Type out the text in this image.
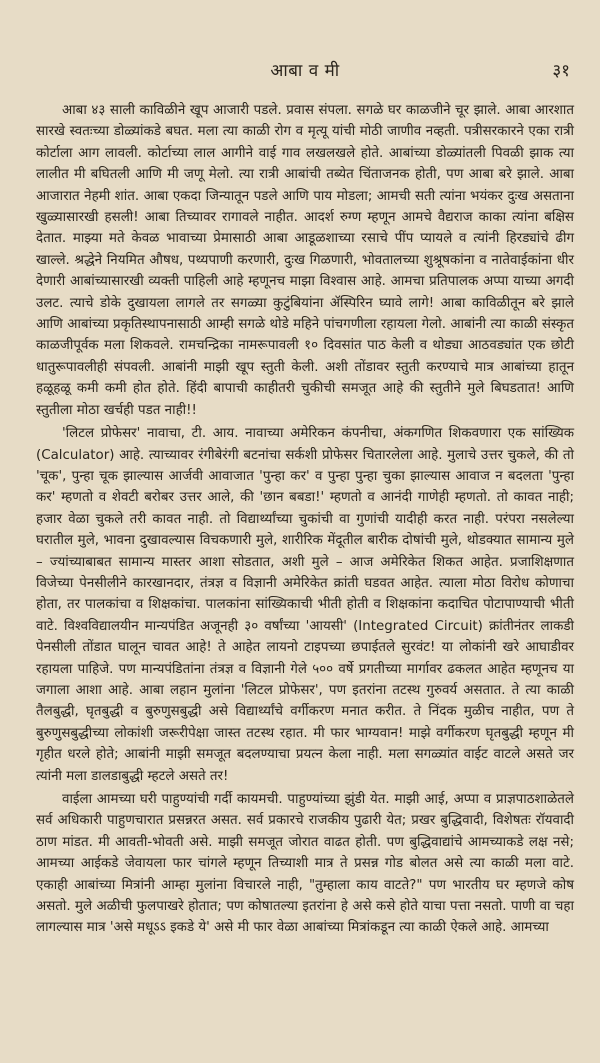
आबा व मी	३१

आबा ४३ साली काविळीने खूप आजारी पडले. प्रवास संपला. सगळे घर काळजीने चूर झाले. आबा आरशात सारखे स्वतःच्या डोळ्यांकडे बघत. मला त्या काळी रोग व मृत्यू यांची मोठी जाणीव नव्हती. पत्रीसरकारने एका रात्री कोर्टाला आग लावली. कोर्टाच्या लाल आगीने वाई गाव लखलखले होते. आबांच्या डोळ्यांतली पिवळी झाक त्या लालीत मी बघितली आणि मी जणू मेलो. त्या रात्री आबांची तब्येत चिंताजनक होती, पण आबा बरे झाले. आबा आजारात नेहमी शांत. आबा एकदा जिन्यातून पडले आणि पाय मोडला; आमची सती त्यांना भयंकर दुःख असताना खुळ्यासारखी हसली! आबा तिच्यावर रागावले नाहीत. आदर्श रुग्ण म्हणून आमचे वैद्यराज काका त्यांना बक्षिस देतात. माझ्या मते केवळ भावाच्या प्रेमासाठी आबा आडूळशाच्या रसाचे पींप प्यायले व त्यांनी हिरड्यांचे ढीग खाल्ले. श्रद्धेने नियमित औषध, पथ्यपाणी करणारी, दुःख गिळणारी, भोवतालच्या शुश्रूषकांना व नातेवाईकांना धीर देणारी आबांच्यासारखी व्यक्ती पाहिली आहे म्हणूनच माझा विश्वास आहे. आमचा प्रतिपालक अप्पा याच्या अगदी उलट. त्याचे डोके दुखायला लागले तर सगळ्या कुटुंबियांना ॲस्पिरिन घ्यावे लागे! आबा काविळीतून बरे झाले आणि आबांच्या प्रकृतिस्थापनासाठी आम्ही सगळे थोडे महिने पांचगणीला रहायला गेलो. आबांनी त्या काळी संस्कृत काळजीपूर्वक मला शिकवले. रामचन्द्रिका नामरूपावली १० दिवसांत पाठ केली व थोड्या आठवड्यांत एक छोटी धातुरूपावलीही संपवली. आबांनी माझी खूप स्तुती केली. अशी तोंडावर स्तुती करण्याचे मात्र आबांच्या हातून हळूहळू कमी कमी होत होते. हिंदी बापाची काहीतरी चुकीची समजूत आहे की स्तुतीने मुले बिघडतात! आणि स्तुतीला मोठा खर्चही पडत नाही!!

'लिटल प्रोफेसर' नावाचा, टी. आय. नावाच्या अमेरिकन कंपनीचा, अंकगणित शिकवणारा एक सांख्यिक (Calculator) आहे. त्याच्यावर रंगीबेरंगी बटनांचा सर्कशी प्रोफेसर चितारलेला आहे. मुलाचे उत्तर चुकले, की तो 'चूक', पुन्हा चूक झाल्यास आर्जवी आवाजात 'पुन्हा कर' व पुन्हा पुन्हा चुका झाल्यास आवाज न बदलता 'पुन्हा कर' म्हणतो व शेवटी बरोबर उत्तर आले, की 'छान बबडा!' म्हणतो व आनंदी गाणेही म्हणतो. तो कावत नाही; हजार वेळा चुकले तरी कावत नाही. तो विद्यार्थ्यांच्या चुकांची वा गुणांची यादीही करत नाही. परंपरा नसलेल्या घरातील मुले, भावना दुखावल्यास विचकणारी मुले, शारीरिक मेंदूतील बारीक दोषांची मुले, थोडक्यात सामान्य मुले – ज्यांच्याबाबत सामान्य मास्तर आशा सोडतात, अशी मुले – आज अमेरिकेत शिकत आहेत. प्रजाशिक्षणात विजेच्या पेनसीलीने कारखानदार, तंत्रज्ञ व विज्ञानी अमेरिकेत क्रांती घडवत आहेत. त्याला मोठा विरोध कोणाचा होता, तर पालकांचा व शिक्षकांचा. पालकांना सांख्यिकाची भीती होती व शिक्षकांना कदाचित पोटापाण्याची भीती वाटे. विश्वविद्यालयीन मान्यपंडित अजूनही ३० वर्षांच्या 'आयसी' (Integrated Circuit) क्रांतीनंतर लाकडी पेनसीली तोंडात घालून चावत आहे! ते आहेत लायनो टाइपच्या छपाईतले सुरवंट! या लोकांनी खरे आघाडीवर रहायला पाहिजे. पण मान्यपंडितांना तंत्रज्ञ व विज्ञानी गेले ५०० वर्षे प्रगतीच्या मार्गावर ढकलत आहेत म्हणूनच या जगाला आशा आहे. आबा लहान मुलांना 'लिटल प्रोफेसर', पण इतरांना तटस्थ गुरुवर्य असतात. ते त्या काळी तैलबुद्धी, घृतबुद्धी व बुरुणुसबुद्धी असे विद्यार्थ्यांचे वर्गीकरण मनात करीत. ते निंदक मुळीच नाहीत, पण ते बुरुणुसबुद्धीच्या लोकांशी जरूरीपेक्षा जास्त तटस्थ रहात. मी फार भाग्यवान! माझे वर्गीकरण घृतबुद्धी म्हणून मी गृहीत धरले होते; आबांनी माझी समजूत बदलण्याचा प्रयत्न केला नाही. मला सगळ्यांत वाईट वाटले असते जर त्यांनी मला डालडाबुद्धी म्हटले असते तर!

वाईला आमच्या घरी पाहुण्यांची गर्दी कायमची. पाहुण्यांच्या झुंडी येत. माझी आई, अप्पा व प्राज्ञपाठशाळेतले सर्व अधिकारी पाहुणचारात प्रसन्नरत असत. सर्व प्रकारचे राजकीय पुढारी येत; प्रखर बुद्धिवादी, विशेषतः रॉयवादी ठाण मांडत. मी आवती-भोवती असे. माझी समजूत जोरात वाढत होती. पण बुद्धिवाद्यांचे आमच्याकडे लक्ष नसे; आमच्या आईकडे जेवायला फार चांगले म्हणून तिच्याशी मात्र ते प्रसन्न गोड बोलत असे त्या काळी मला वाटे. एकाही आबांच्या मित्रांनी आम्हा मुलांना विचारले नाही, "तुम्हाला काय वाटते?" पण भारतीय घर म्हणजे कोष असतो. मुले अळीची फुलपाखरे होतात; पण कोषातल्या इतरांना हे असे कसे होते याचा पत्ता नसतो. पाणी वा चहा लागल्यास मात्र 'असे मधूऽऽ इकडे ये' असे मी फार वेळा आबांच्या मित्रांकडून त्या काळी ऐकले आहे. आमच्या
